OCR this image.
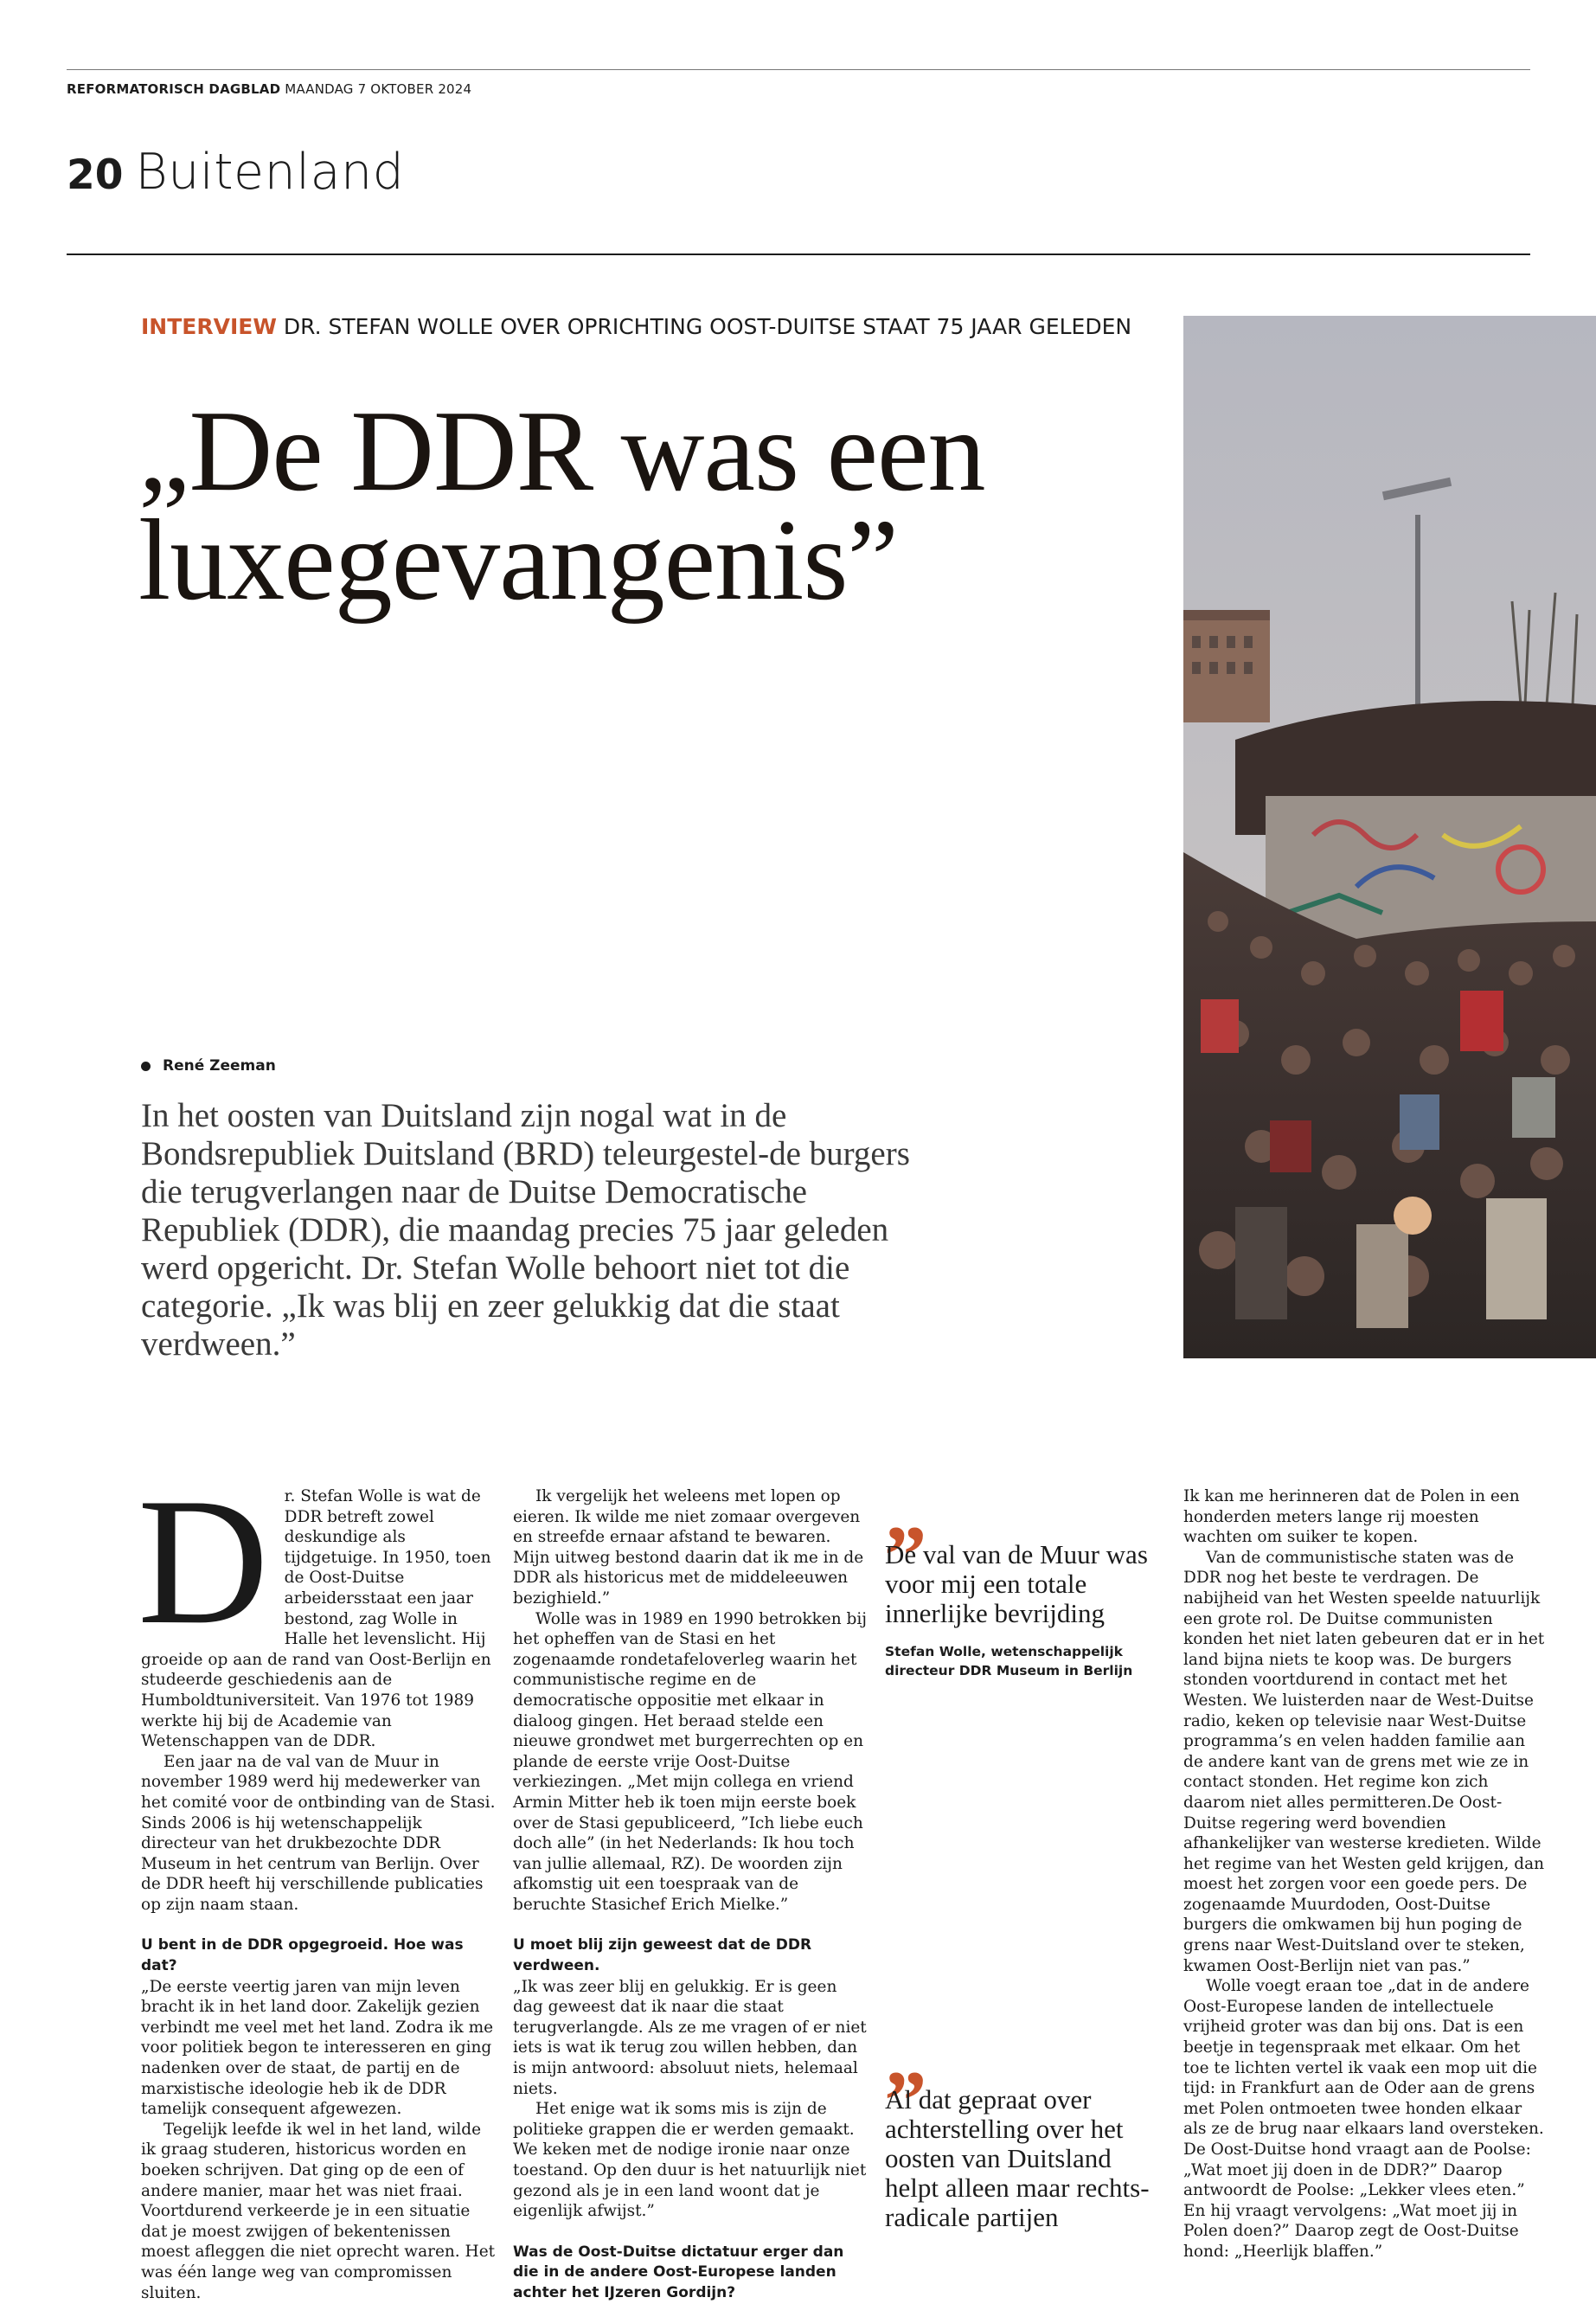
REFORMATORISCH DAGBLAD MAANDAG 7 OKTOBER 2024
20 Buitenland
INTERVIEW DR. STEFAN WOLLE OVER OPRICHTING OOST-DUITSE STAAT 75 JAAR GELEDEN
„De DDR was een
luxegevangenis”
René Zeeman

In het oosten van Duitsland zijn nogal wat in de Bondsrepubliek Duitsland (BRD) teleurgestel-de burgers die terugverlangen naar de Duitse Democratische Republiek (DDR), die maandag precies 75 jaar geleden werd opgericht. Dr. Stefan Wolle behoort niet tot die categorie. „Ik was blij en zeer gelukkig dat die staat verdween.”

D r. Stefan Wolle is wat de DDR betreft zowel deskundige als tijdgetuige. In 1950, toen de Oost-Duitse arbeidersstaat een jaar bestond, zag Wolle in Halle het levenslicht. Hij groeide op aan de rand van Oost-Berlijn en studeerde geschiedenis aan de Humboldtuniversiteit. Van 1976 tot 1989 werkte hij bij de Academie van Wetenschappen van de DDR.

Een jaar na de val van de Muur in november 1989 werd hij medewerker van het comité voor de ontbinding van de Stasi. Sinds 2006 is hij wetenschappelijk directeur van het drukbezochte DDR Museum in het centrum van Berlijn. Over de DDR heeft hij verschillende publicaties op zijn naam staan.

U bent in de DDR opgegroeid. Hoe was dat?

„De eerste veertig jaren van mijn leven bracht ik in het land door. Zakelijk gezien verbindt me veel met het land. Zodra ik me voor politiek begon te interesseren en ging nadenken over de staat, de partij en de marxistische ideologie heb ik de DDR tamelijk consequent afgewezen.

Tegelijk leefde ik wel in het land, wilde ik graag studeren, historicus worden en boeken schrijven. Dat ging op de een of andere manier, maar het was niet fraai. Voortdurend verkeerde je in een situatie dat je moest zwijgen of bekentenissen moest afleggen die niet oprecht waren. Het was één lange weg van compromissen sluiten.

Ik vergelijk het weleens met lopen op eieren. Ik wilde me niet zomaar overgeven en streefde ernaar afstand te bewaren. Mijn uitweg bestond daarin dat ik me in de DDR als historicus met de middeleeuwen bezighield.”

Wolle was in 1989 en 1990 betrokken bij het opheffen van de Stasi en het zogenaamde rondetafeloverleg waarin het communistische regime en de democratische oppositie met elkaar in dialoog gingen. Het beraad stelde een nieuwe grondwet met burgerrechten op en plande de eerste vrije Oost-Duitse verkiezingen. „Met mijn collega en vriend Armin Mitter heb ik toen mijn eerste boek over de Stasi gepubliceerd, ”Ich liebe euch doch alle” (in het Nederlands: Ik hou toch van jullie allemaal, RZ). De woorden zijn afkomstig uit een toespraak van de beruchte Stasichef Erich Mielke.”

U moet blij zijn geweest dat de DDR verdween.

„Ik was zeer blij en gelukkig. Er is geen dag geweest dat ik naar die staat terugverlangde. Als ze me vragen of er niet iets is wat ik terug zou willen hebben, dan is mijn antwoord: absoluut niets, helemaal niets.

Het enige wat ik soms mis is zijn de politieke grappen die er werden gemaakt. We keken met de nodige ironie naar onze toestand. Op den duur is het natuurlijk niet gezond als je in een land woont dat je eigenlijk afwijst.”

Was de Oost-Duitse dictatuur erger dan die in de andere Oost-Europese landen achter het IJzeren Gordijn?

„
De val van de Muur was voor mij een totale innerlijke bevrijding
Stefan Wolle, wetenschappelijk directeur DDR Museum in Berlijn
„
Al dat gepraat over achterstelling over het oosten van Duitsland helpt alleen maar rechts-radicale partijen

Ik kan me herinneren dat de Polen in een honderden meters lange rij moesten wachten om suiker te kopen.

Van de communistische staten was de DDR nog het beste te verdragen. De nabijheid van het Westen speelde natuurlijk een grote rol. De Duitse communisten konden het niet laten gebeuren dat er in het land bijna niets te koop was. De burgers stonden voortdurend in contact met het Westen. We luisterden naar de West-Duitse radio, keken op televisie naar West-Duitse programma’s en velen hadden familie aan de andere kant van de grens met wie ze in contact stonden. Het regime kon zich daarom niet alles permitteren.De Oost-Duitse regering werd bovendien afhankelijker van westerse kredieten. Wilde het regime van het Westen geld krijgen, dan moest het zorgen voor een goede pers. De zogenaamde Muurdoden, Oost-Duitse burgers die omkwamen bij hun poging de grens naar West-Duitsland over te steken, kwamen Oost-Berlijn niet van pas.”

Wolle voegt eraan toe „dat in de andere Oost-Europese landen de intellectuele vrijheid groter was dan bij ons. Dat is een beetje in tegenspraak met elkaar. Om het toe te lichten vertel ik vaak een mop uit die tijd: in Frankfurt aan de Oder aan de grens met Polen ontmoeten twee honden elkaar als ze de brug naar elkaars land oversteken. De Oost-Duitse hond vraagt aan de Poolse: „Wat moet jij doen in de DDR?” Daarop antwoordt de Poolse: „Lekker vlees eten.” En hij vraagt vervolgens: „Wat moet jij in Polen doen?” Daarop zegt de Oost-Duitse hond: „Heerlijk blaffen.”
